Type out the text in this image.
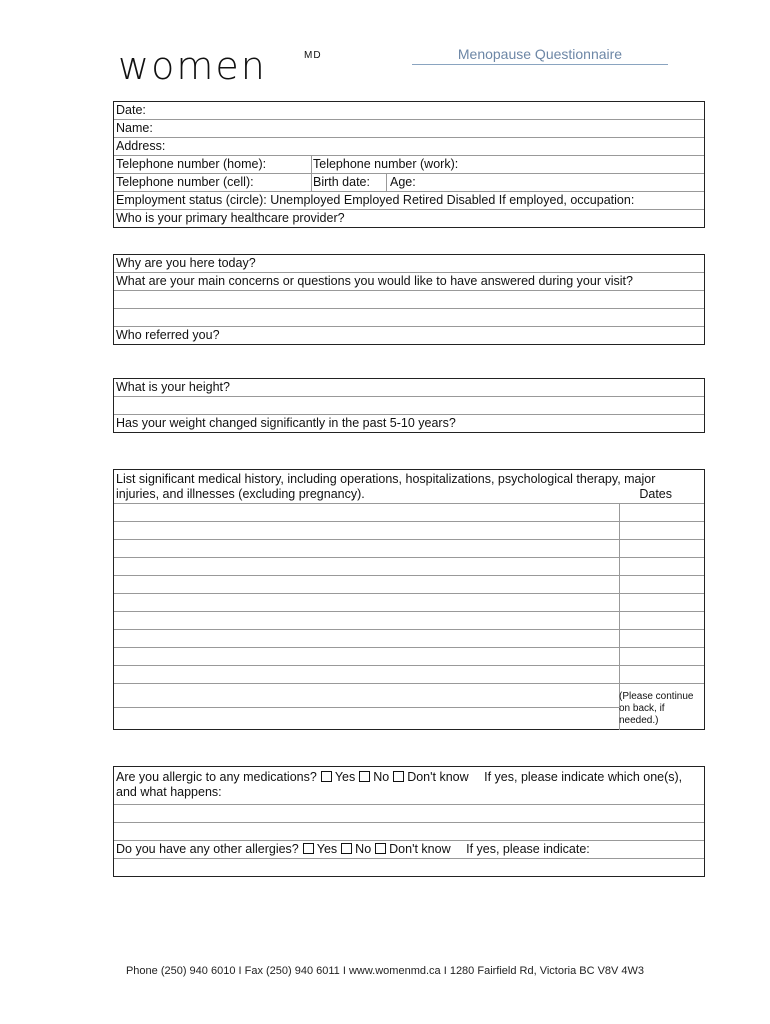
women	MD	Menopause Questionnaire
Date:
Name:
Address:
Telephone number (home):	Telephone number (work):
Telephone number (cell):	Birth date: Age:
Employment status (circle): Unemployed Employed Retired Disabled If employed, occupation:
Who is your primary healthcare provider?
Why are you here today?
What are your main concerns or questions you would like to have answered during your visit?
Who referred you?
What is your height?
Has your weight changed significantly in the past 5-10 years?
List significant medical history, including operations, hospitalizations, psychological therapy, major
injuries, and illnesses (excluding pregnancy).	Dates
(Please continue
on back, if
needed.)
Are you allergic to any medications? Yes No Don't know If yes, please indicate which one(s),
and what happens:
Do you have any other allergies? Yes No Don't know If yes, please indicate:
Phone (250) 940 6010 I Fax (250) 940 6011 I www.womenmd.ca I 1280 Fairfield Rd, Victoria BC V8V 4W3
